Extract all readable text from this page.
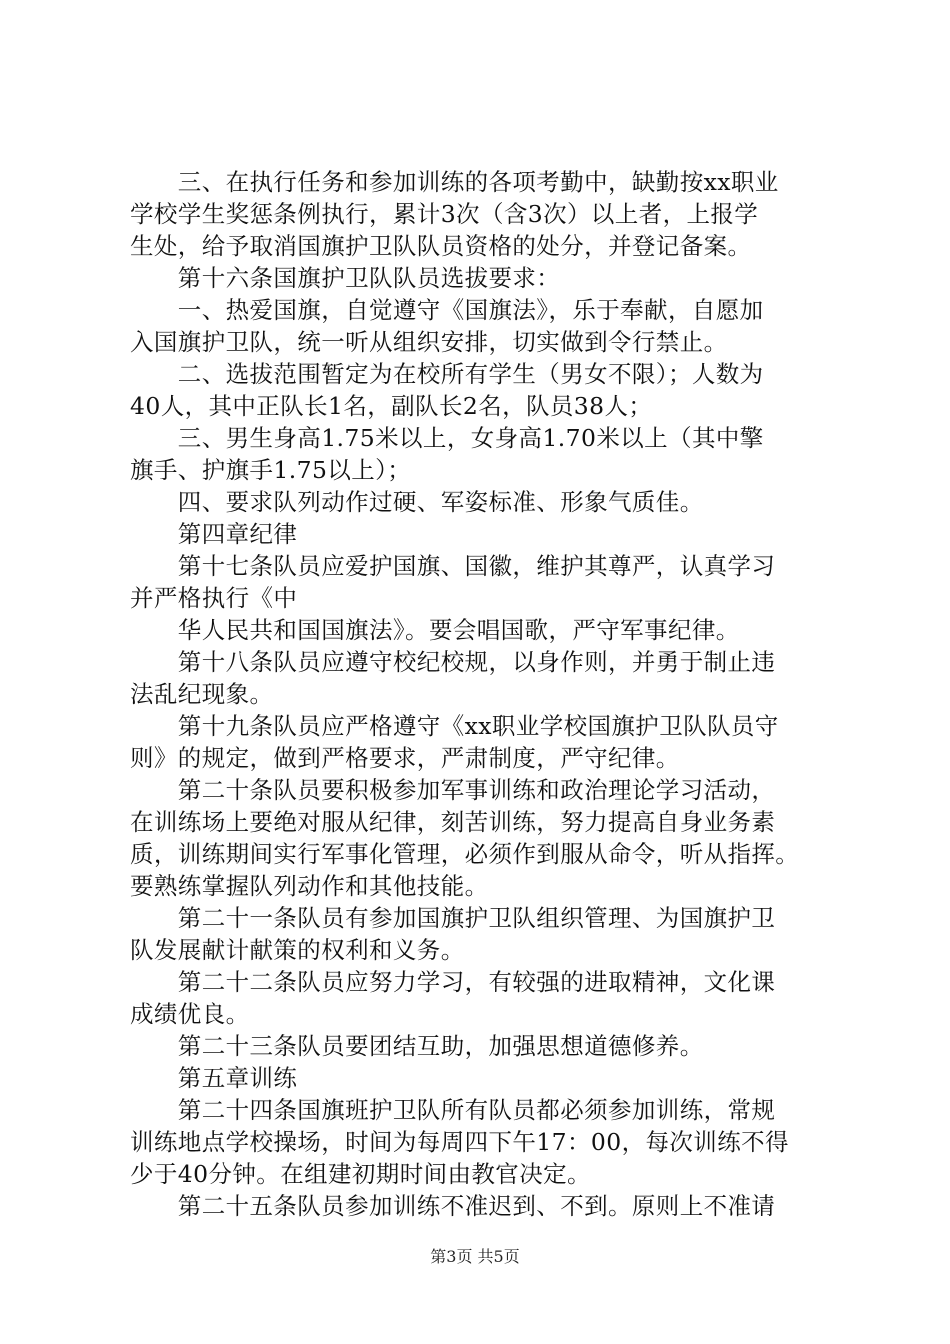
　　三、在执行任务和参加训练的各项考勤中，缺勤按xx职业
学校学生奖惩条例执行，累计3次（含3次）以上者，上报学
生处，给予取消国旗护卫队队员资格的处分，并登记备案。
　　第十六条国旗护卫队队员选拔要求：
　　一、热爱国旗，自觉遵守《国旗法》，乐于奉献，自愿加
入国旗护卫队，统一听从组织安排，切实做到令行禁止。
　　二、选拔范围暂定为在校所有学生（男女不限）；人数为
40人，其中正队长1名，副队长2名，队员38人；
　　三、男生身高1.75米以上，女身高1.70米以上（其中擎
旗手、护旗手1.75以上）；
　　四、要求队列动作过硬、军姿标准、形象气质佳。
　　第四章纪律
　　第十七条队员应爱护国旗、国徽，维护其尊严，认真学习
并严格执行《中
　　华人民共和国国旗法》。要会唱国歌，严守军事纪律。
　　第十八条队员应遵守校纪校规，以身作则，并勇于制止违
法乱纪现象。
　　第十九条队员应严格遵守《xx职业学校国旗护卫队队员守
则》的规定，做到严格要求，严肃制度，严守纪律。
　　第二十条队员要积极参加军事训练和政治理论学习活动，
在训练场上要绝对服从纪律，刻苦训练，努力提高自身业务素
质，训练期间实行军事化管理，必须作到服从命令，听从指挥。
要熟练掌握队列动作和其他技能。
　　第二十一条队员有参加国旗护卫队组织管理、为国旗护卫
队发展献计献策的权利和义务。
　　第二十二条队员应努力学习，有较强的进取精神，文化课
成绩优良。
　　第二十三条队员要团结互助，加强思想道德修养。
　　第五章训练
　　第二十四条国旗班护卫队所有队员都必须参加训练，常规
训练地点学校操场，时间为每周四下午17：00，每次训练不得
少于40分钟。在组建初期时间由教官决定。
　　第二十五条队员参加训练不准迟到、不到。原则上不准请
第3页 共5页
